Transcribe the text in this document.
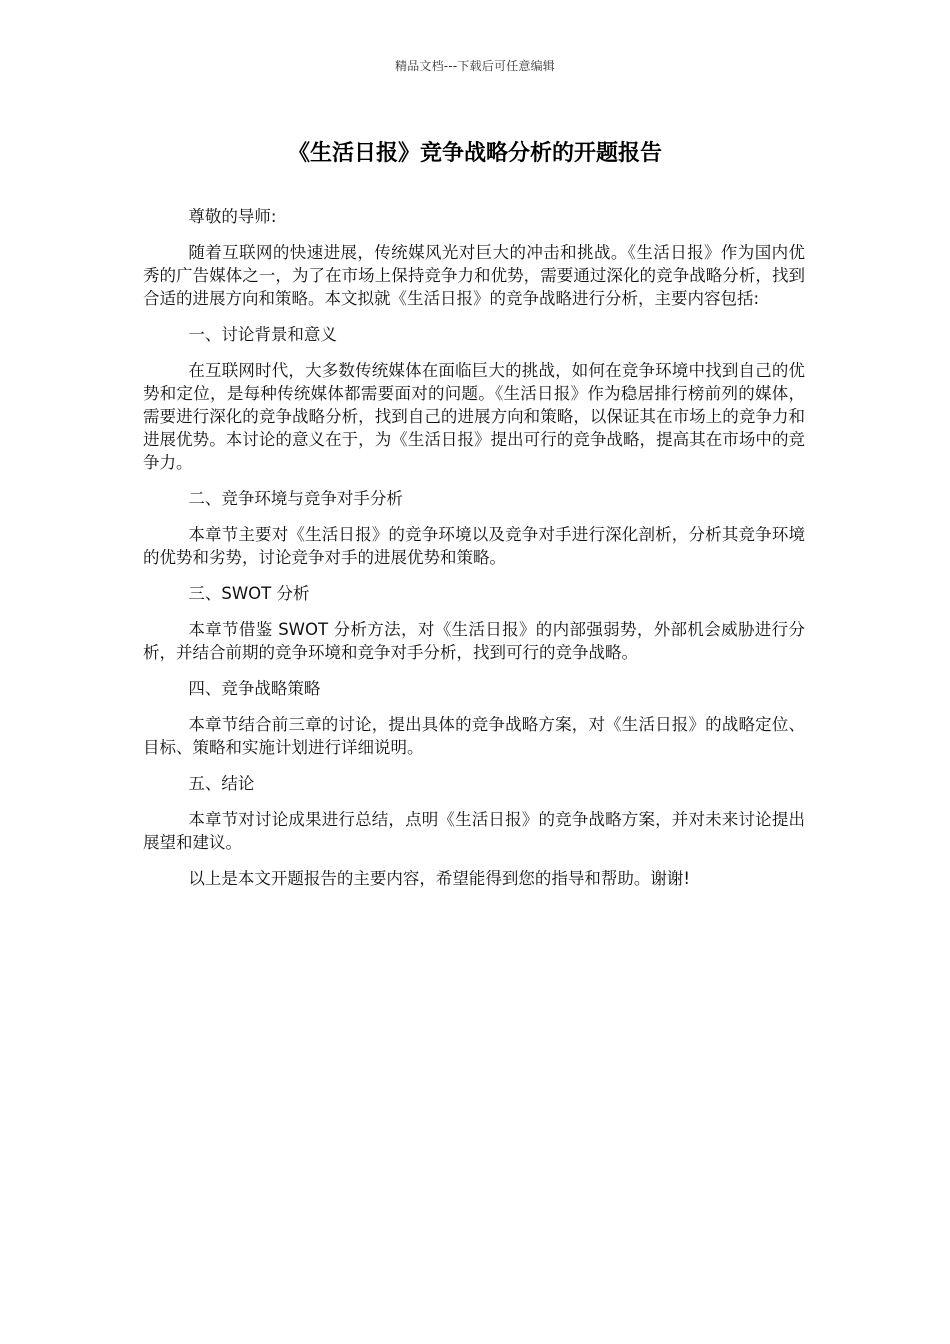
精品文档---下载后可任意编辑
《生活日报》竞争战略分析的开题报告

尊敬的导师:

随着互联网的快速进展，传统媒风光对巨大的冲击和挑战。《生活日报》作为国内优秀的广告媒体之一，为了在市场上保持竞争力和优势，需要通过深化的竞争战略分析，找到合适的进展方向和策略。本文拟就《生活日报》的竞争战略进行分析，主要内容包括:

一、讨论背景和意义

在互联网时代，大多数传统媒体在面临巨大的挑战，如何在竞争环境中找到自己的优势和定位，是每种传统媒体都需要面对的问题。《生活日报》作为稳居排行榜前列的媒体，需要进行深化的竞争战略分析，找到自己的进展方向和策略，以保证其在市场上的竞争力和进展优势。本讨论的意义在于，为《生活日报》提出可行的竞争战略，提高其在市场中的竞争力。

二、竞争环境与竞争对手分析

本章节主要对《生活日报》的竞争环境以及竞争对手进行深化剖析，分析其竞争环境的优势和劣势，讨论竞争对手的进展优势和策略。

三、SWOT 分析

本章节借鉴 SWOT 分析方法，对《生活日报》的内部强弱势，外部机会威胁进行分析，并结合前期的竞争环境和竞争对手分析，找到可行的竞争战略。

四、竞争战略策略

本章节结合前三章的讨论，提出具体的竞争战略方案，对《生活日报》的战略定位、目标、策略和实施计划进行详细说明。

五、结论

本章节对讨论成果进行总结，点明《生活日报》的竞争战略方案，并对未来讨论提出展望和建议。

以上是本文开题报告的主要内容，希望能得到您的指导和帮助。谢谢!
